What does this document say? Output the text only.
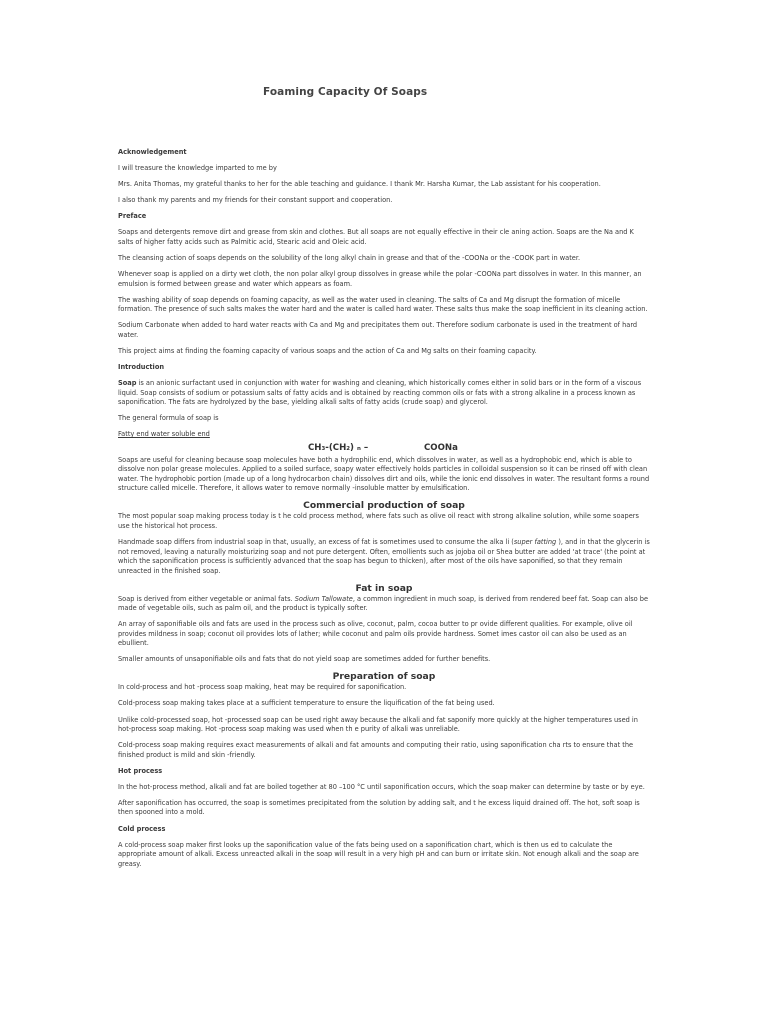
Foaming Capacity Of Soaps
Acknowledgement

I will treasure the knowledge imparted to me by

Mrs. Anita Thomas, my grateful thanks to her for the able teaching and guidance. I thank Mr. Harsha Kumar, the Lab assistant for his cooperation.

I also thank my parents and my friends for their constant support and cooperation.

Preface

Soaps and detergents remove dirt and grease from skin and clothes. But all soaps are not equally effective in their cle aning action. Soaps are the Na and K salts of higher fatty acids such as Palmitic acid, Stearic acid and Oleic acid.

The cleansing action of soaps depends on the solubility of the long alkyl chain in grease and that of the -COONa or the -COOK part in water.

Whenever soap is applied on a dirty wet cloth, the non polar alkyl group dissolves in grease while the polar -COONa part dissolves in water. In this manner, an emulsion is formed between grease and water which appears as foam.

The washing ability of soap depends on foaming capacity, as well as the water used in cleaning. The salts of Ca and Mg disrupt the formation of micelle formation. The presence of such salts makes the water hard and the water is called hard water. These salts thus make the soap inefficient in its cleaning action.

Sodium Carbonate when added to hard water reacts with Ca and Mg and precipitates them out. Therefore sodium carbonate is used in the treatment of hard water.

This project aims at finding the foaming capacity of various soaps and the action of Ca and Mg salts on their foaming capacity.

Introduction

Soap is an anionic surfactant used in conjunction with water for washing and cleaning, which historically comes either in solid bars or in the form of a viscous liquid. Soap consists of sodium or potassium salts of fatty acids and is obtained by reacting common oils or fats with a strong alkaline in a process known as saponification. The fats are hydrolyzed by the base, yielding alkali salts of fatty acids (crude soap) and glycerol.

The general formula of soap is

Fatty end water soluble end

CH₃-(CH₂) ₙ –	COONa

Soaps are useful for cleaning because soap molecules have both a hydrophilic end, which dissolves in water, as well as a hydrophobic end, which is able to dissolve non polar grease molecules. Applied to a soiled surface, soapy water effectively holds particles in colloidal suspension so it can be rinsed off with clean water. The hydrophobic portion (made up of a long hydrocarbon chain) dissolves dirt and oils, while the ionic end dissolves in water. The resultant forms a round structure called micelle. Therefore, it allows water to remove normally -insoluble matter by emulsification.

Commercial production of soap

The most popular soap making process today is t he cold process method, where fats such as olive oil react with strong alkaline solution, while some soapers use the historical hot process.

Handmade soap differs from industrial soap in that, usually, an excess of fat is sometimes used to consume the alka li (super fatting ), and in that the glycerin is not removed, leaving a naturally moisturizing soap and not pure detergent. Often, emollients such as jojoba oil or Shea butter are added 'at trace' (the point at which the saponification process is sufficiently advanced that the soap has begun to thicken), after most of the oils have saponified, so that they remain unreacted in the finished soap.

Fat in soap

Soap is derived from either vegetable or animal fats. Sodium Tallowate, a common ingredient in much soap, is derived from rendered beef fat. Soap can also be made of vegetable oils, such as palm oil, and the product is typically softer.

An array of saponifiable oils and fats are used in the process such as olive, coconut, palm, cocoa butter to pr ovide different qualities. For example, olive oil provides mildness in soap; coconut oil provides lots of lather; while coconut and palm oils provide hardness. Somet imes castor oil can also be used as an ebullient.

Smaller amounts of unsaponifiable oils and fats that do not yield soap are sometimes added for further benefits.

Preparation of soap

In cold-process and hot -process soap making, heat may be required for saponification.

Cold-process soap making takes place at a sufficient temperature to ensure the liquification of the fat being used.

Unlike cold-processed soap, hot -processed soap can be used right away because the alkali and fat saponify more quickly at the higher temperatures used in hot-process soap making. Hot -process soap making was used when th e purity of alkali was unreliable.

Cold-process soap making requires exact measurements of alkali and fat amounts and computing their ratio, using saponification cha rts to ensure that the finished product is mild and skin -friendly.

Hot process

In the hot-process method, alkali and fat are boiled together at 80 –100 °C until saponification occurs, which the soap maker can determine by taste or by eye.

After saponification has occurred, the soap is sometimes precipitated from the solution by adding salt, and t he excess liquid drained off. The hot, soft soap is then spooned into a mold.

Cold process

A cold-process soap maker first looks up the saponification value of the fats being used on a saponification chart, which is then us ed to calculate the appropriate amount of alkali. Excess unreacted alkali in the soap will result in a very high pH and can burn or irritate skin. Not enough alkali and the soap are greasy.
